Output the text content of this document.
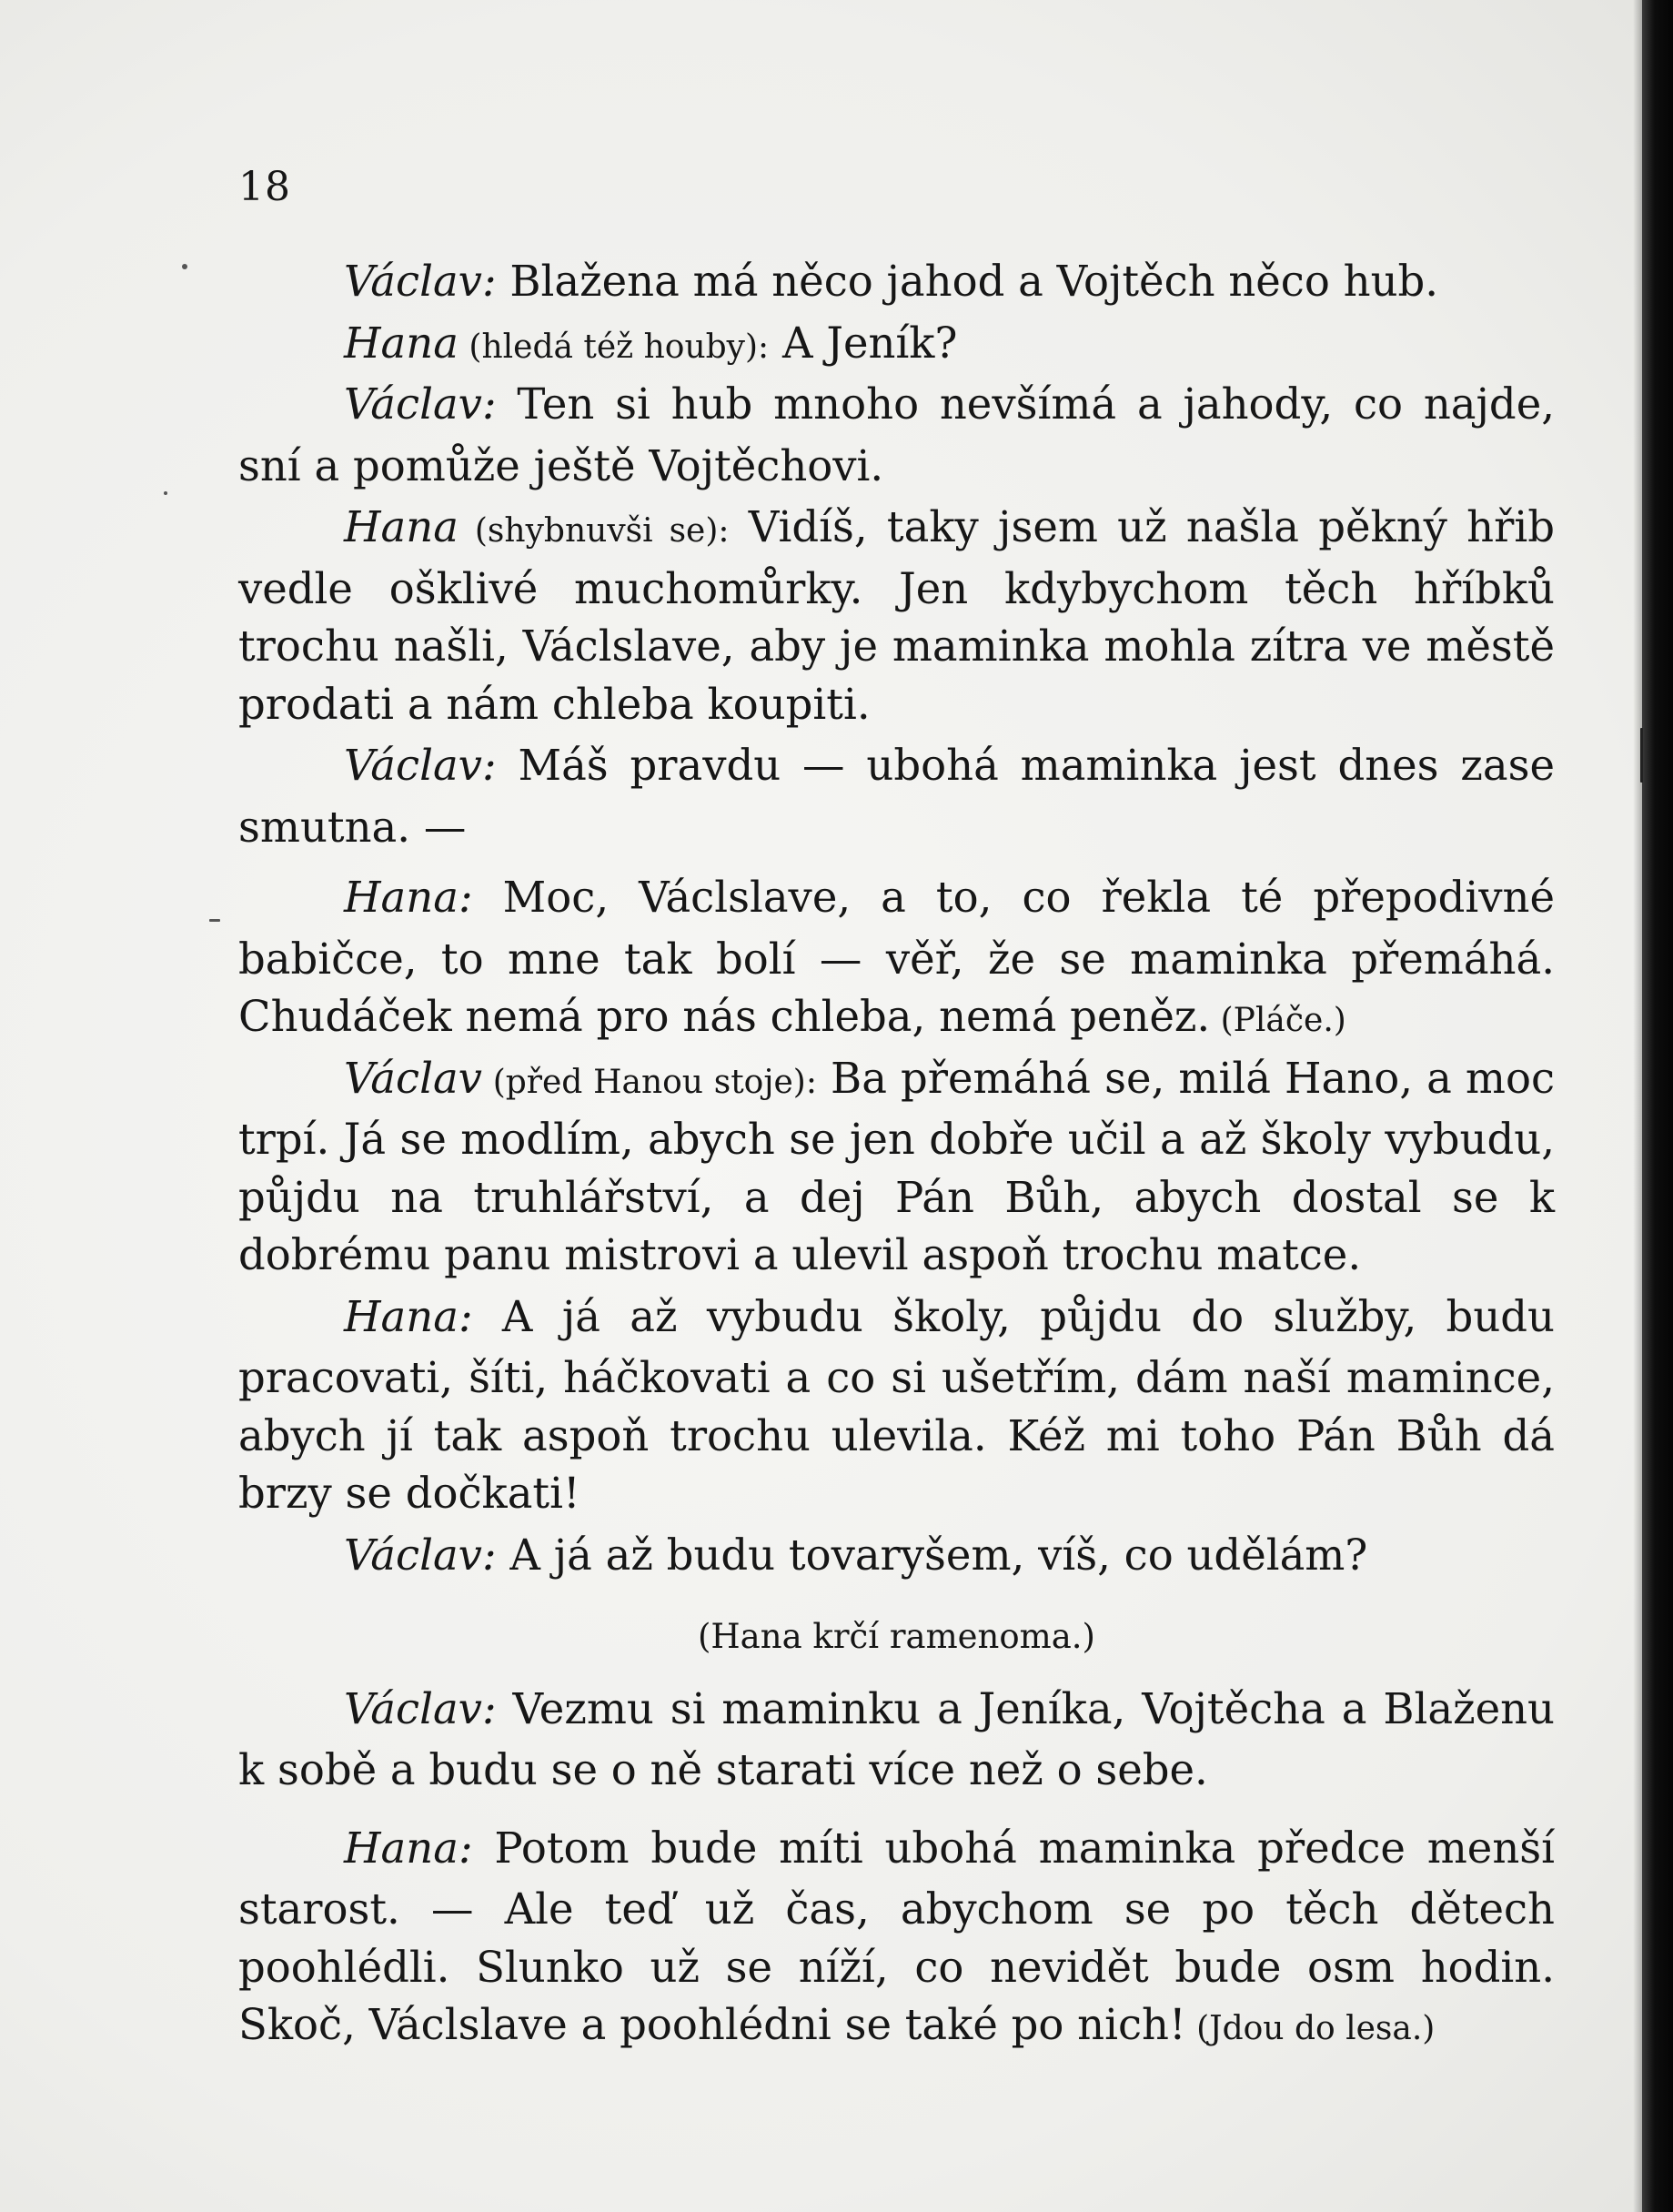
18

Václav: Blažena má něco jahod a Vojtěch něco hub.

Hana (hledá též houby): A Jeník?

Václav: Ten si hub mnoho nevšímá a jahody, co najde, sní a pomůže ještě Vojtěchovi.

Hana (shybnuvši se): Vidíš, taky jsem už našla pěkný hřib vedle ošklivé muchomůrky. Jen kdybychom těch hříbků trochu našli, Václslave, aby je maminka mohla zítra ve městě prodati a nám chleba koupiti.

Václav: Máš pravdu — ubohá maminka jest dnes zase smutna. —

Hana: Moc, Václslave, a to, co řekla té přepodivné babičce, to mne tak bolí — věř, že se maminka přemáhá. Chudáček nemá pro nás chleba, nemá peněz. (Pláče.)

Václav (před Hanou stoje): Ba přemáhá se, milá Hano, a moc trpí. Já se modlím, abych se jen dobře učil a až školy vybudu, půjdu na truhlářství, a dej Pán Bůh, abych dostal se k dobrému panu mistrovi a ulevil aspoň trochu matce.

Hana: A já až vybudu školy, půjdu do služby, budu pracovati, šíti, háčkovati a co si ušetřím, dám naší mamince, abych jí tak aspoň trochu ulevila. Kéž mi toho Pán Bůh dá brzy se dočkati!

Václav: A já až budu tovaryšem, víš, co udělám?

(Hana krčí ramenoma.)

Václav: Vezmu si maminku a Jeníka, Vojtěcha a Blaženu k sobě a budu se o ně starati více než o sebe.

Hana: Potom bude míti ubohá maminka předce menší starost. — Ale teď už čas, abychom se po těch dětech poohlédli. Slunko už se níží, co nevidět bude osm hodin. Skoč, Václslave a poohlédni se také po nich! (Jdou do lesa.)
